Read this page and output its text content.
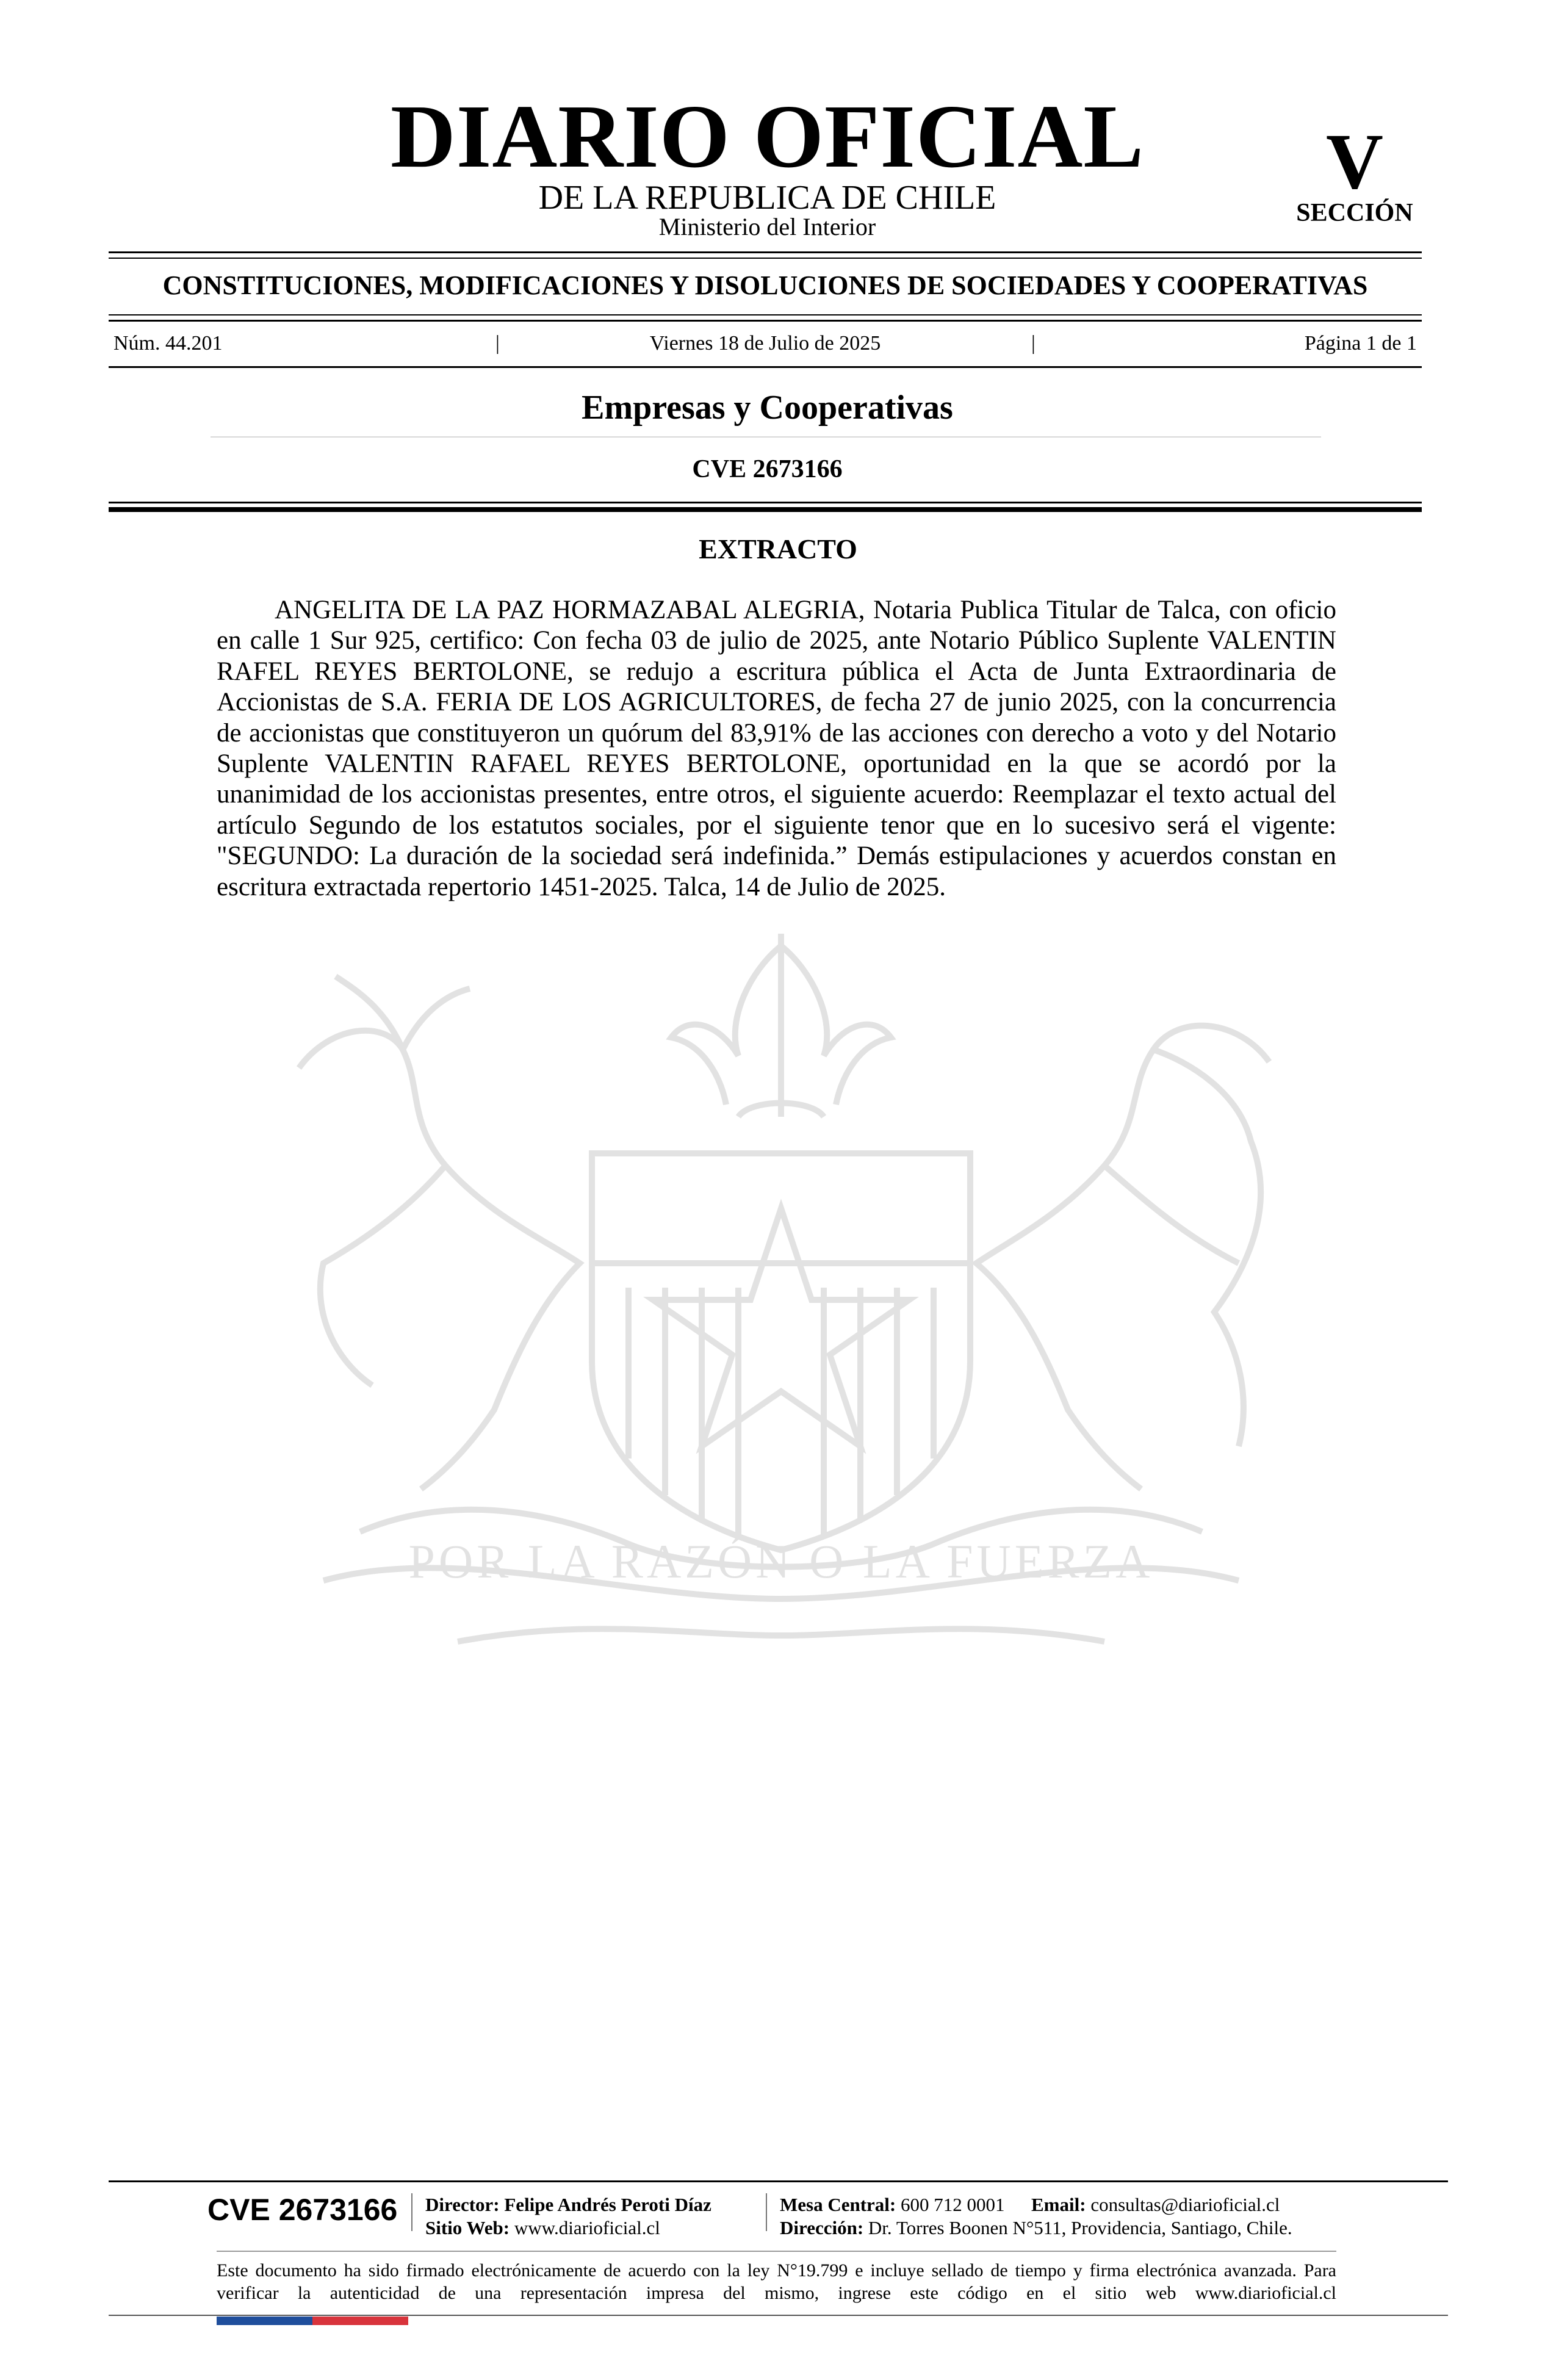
DIARIO OFICIAL
DE LA REPUBLICA DE CHILE
Ministerio del Interior
V
SECCIÓN
CONSTITUCIONES, MODIFICACIONES Y DISOLUCIONES DE SOCIEDADES Y COOPERATIVAS
Núm. 44.201	|	Viernes 18 de Julio de 2025	|	Página 1 de 1
Empresas y Cooperativas
CVE 2673166
POR LA RAZÓN O LA FUERZA
EXTRACTO

ANGELITA DE LA PAZ HORMAZABAL ALEGRIA, Notaria Publica Titular de Talca, con oficio en calle 1 Sur 925, certifico: Con fecha 03 de julio de 2025, ante Notario Público Suplente VALENTIN RAFEL REYES BERTOLONE, se redujo a escritura pública el Acta de Junta Extraordinaria de Accionistas de S.A. FERIA DE LOS AGRICULTORES, de fecha 27 de junio 2025, con la concurrencia de accionistas que constituyeron un quórum del 83,91% de las acciones con derecho a voto y del Notario Suplente VALENTIN RAFAEL REYES BERTOLONE, oportunidad en la que se acordó por la unanimidad de los accionistas presentes, entre otros, el siguiente acuerdo: Reemplazar el texto actual del artículo Segundo de los estatutos sociales, por el siguiente tenor que en lo sucesivo será el vigente: "SEGUNDO: La duración de la sociedad será indefinida.” Demás estipulaciones y acuerdos constan en escritura extractada repertorio 1451-2025. Talca, 14 de Julio de 2025.

CVE 2673166 Director: Felipe Andrés Peroti Díaz
Sitio Web: www.diarioficial.cl
Mesa Central: 600 712 0001 Email: consultas@diarioficial.cl
Dirección: Dr. Torres Boonen N°511, Providencia, Santiago, Chile.
Este documento ha sido firmado electrónicamente de acuerdo con la ley N°19.799 e incluye sellado de tiempo y firma electrónica avanzada. Para verificar la autenticidad de una representación impresa del mismo, ingrese este código en el sitio web www.diarioficial.cl
